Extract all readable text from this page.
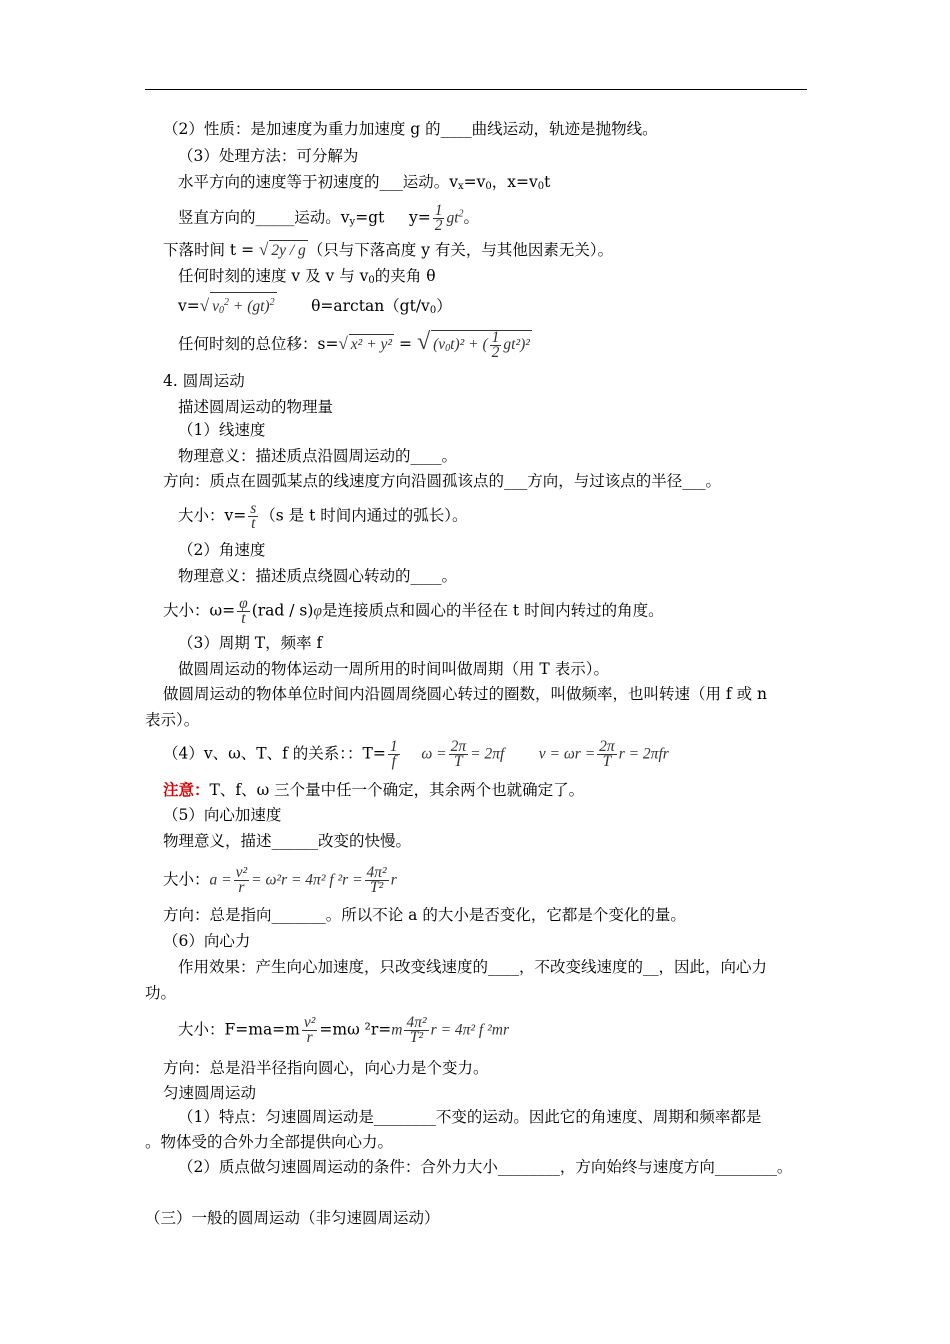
（2）性质：是加速度为重力加速度 g 的____曲线运动，轨迹是抛物线。
（3）处理方法：可分解为
水平方向的速度等于初速度的___运动。$v_x=v_0$，$x=v_0t$
竖直方向的_____运动。$v_y=gt$ $y= \frac{1}{2} gt^2$。
下落时间 t = √ 2y / g （只与下落高度 y 有关，与其他因素无关）。
任何时刻的速度 v 及 v 与 $v_0$的夹角 θ
v=√ $v_0^2 + (gt)^2$ $\theta=\arctan(gt/v_0)$
任何时刻的总位移：s=√ x² + y² = √ $(v_0t)^2$ + ( $\frac{1}{2} gt^2)^2$
4. 圆周运动
描述圆周运动的物理量
（1）线速度
物理意义：描述质点沿圆周运动的____。
方向：质点在圆弧某点的线速度方向沿圆孤该点的___方向，与过该点的半径___。
大小：$v= \frac{s}{t} (s$ 是 t 时间内通过的弧长）。
（2）角速度
物理意义：描述质点绕圆心转动的____。
大小：$\omega= \frac{\varphi}{t} (rad / s)\varphi$是连接质点和圆心的半径在 t 时间内转过的角度。
（3）周期 T，频率 f
做圆周运动的物体运动一周所用的时间叫做周期（用 T 表示）。
做圆周运动的物体单位时间内沿圆周绕圆心转过的圈数，叫做频率，也叫转速（用 f 或 n
表示）。
（4）v、ω、T、f 的关系：：$T= \frac{1}{f}$ $\omega = \frac{2\pi}{T} = 2\pi f$ $v = \omega r = \frac{2\pi}{T}$ r = 2πfr
注意：T、f、ω 三个量中任一个确定，其余两个也就确定了。
（5）向心加速度
物理意义，描述______改变的快慢。
大小：$a = \frac{\text{v²}}{r} = \omega^2r = 4\pi^2$ f $^2r = \frac{\text{4π²}}{\text{T²}}$ r
方向：总是指向_______。所以不论 a 的大小是否变化，它都是个变化的量。
（6）向心力
作用效果：产生向心加速度，只改变线速度的____，不改变线速度的__，因此，向心力
功。
大小：$F=ma=m \frac{\text{v²}}{r} =m\omega$ $^2r=m \frac{\text{4π²}}{\text{T²}}$ r = 4π² f ²mr
方向：总是沿半径指向圆心，向心力是个变力。
匀速圆周运动
（1）特点：匀速圆周运动是________不变的运动。因此它的角速度、周期和频率都是
。物体受的合外力全部提供向心力。
（2）质点做匀速圆周运动的条件：合外力大小________，方向始终与速度方向________。
（三）一般的圆周运动（非匀速圆周运动）
